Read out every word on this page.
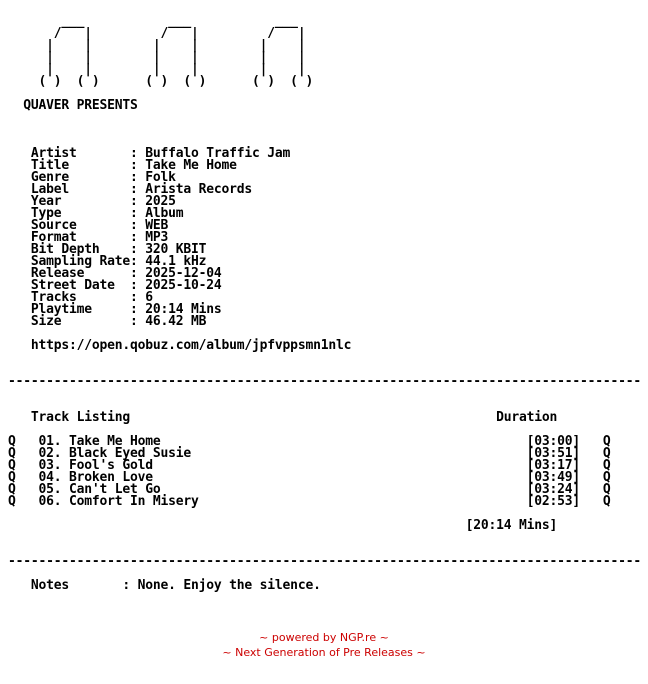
___           ___           ___
/   |         /   |         /   |
|    |        |    |        |    |
|    |        |    |        |    |
|    |        |    |        |    |
( )  ( )      ( )  ( )      ( )  ( )

QUAVER PRESENTS

Artist       : Buffalo Traffic Jam
Title        : Take Me Home
Genre        : Folk
Label        : Arista Records
Year         : 2025
Type         : Album
Source       : WEB
Format       : MP3
Bit Depth    : 320 KBIT
Sampling Rate: 44.1 kHz
Release      : 2025-12-04
Street Date  : 2025-10-24
Tracks       : 6
Playtime     : 20:14 Mins
Size         : 46.42 MB

https://open.qobuz.com/album/jpfvppsmn1nlc

-----------------------------------------------------------------------------------

Track Listing                                                Duration

Q   01. Take Me Home                                                [03:00]   Q
Q   02. Black Eyed Susie                                            [03:51]   Q
Q   03. Fool's Gold                                                 [03:17]   Q
Q   04. Broken Love                                                 [03:49]   Q
Q   05. Can't Let Go                                                [03:24]   Q
Q   06. Comfort In Misery                                           [02:53]   Q

[20:14 Mins]

-----------------------------------------------------------------------------------

Notes       : None. Enjoy the silence.
~ powered by NGP.re ~
~ Next Generation of Pre Releases ~
